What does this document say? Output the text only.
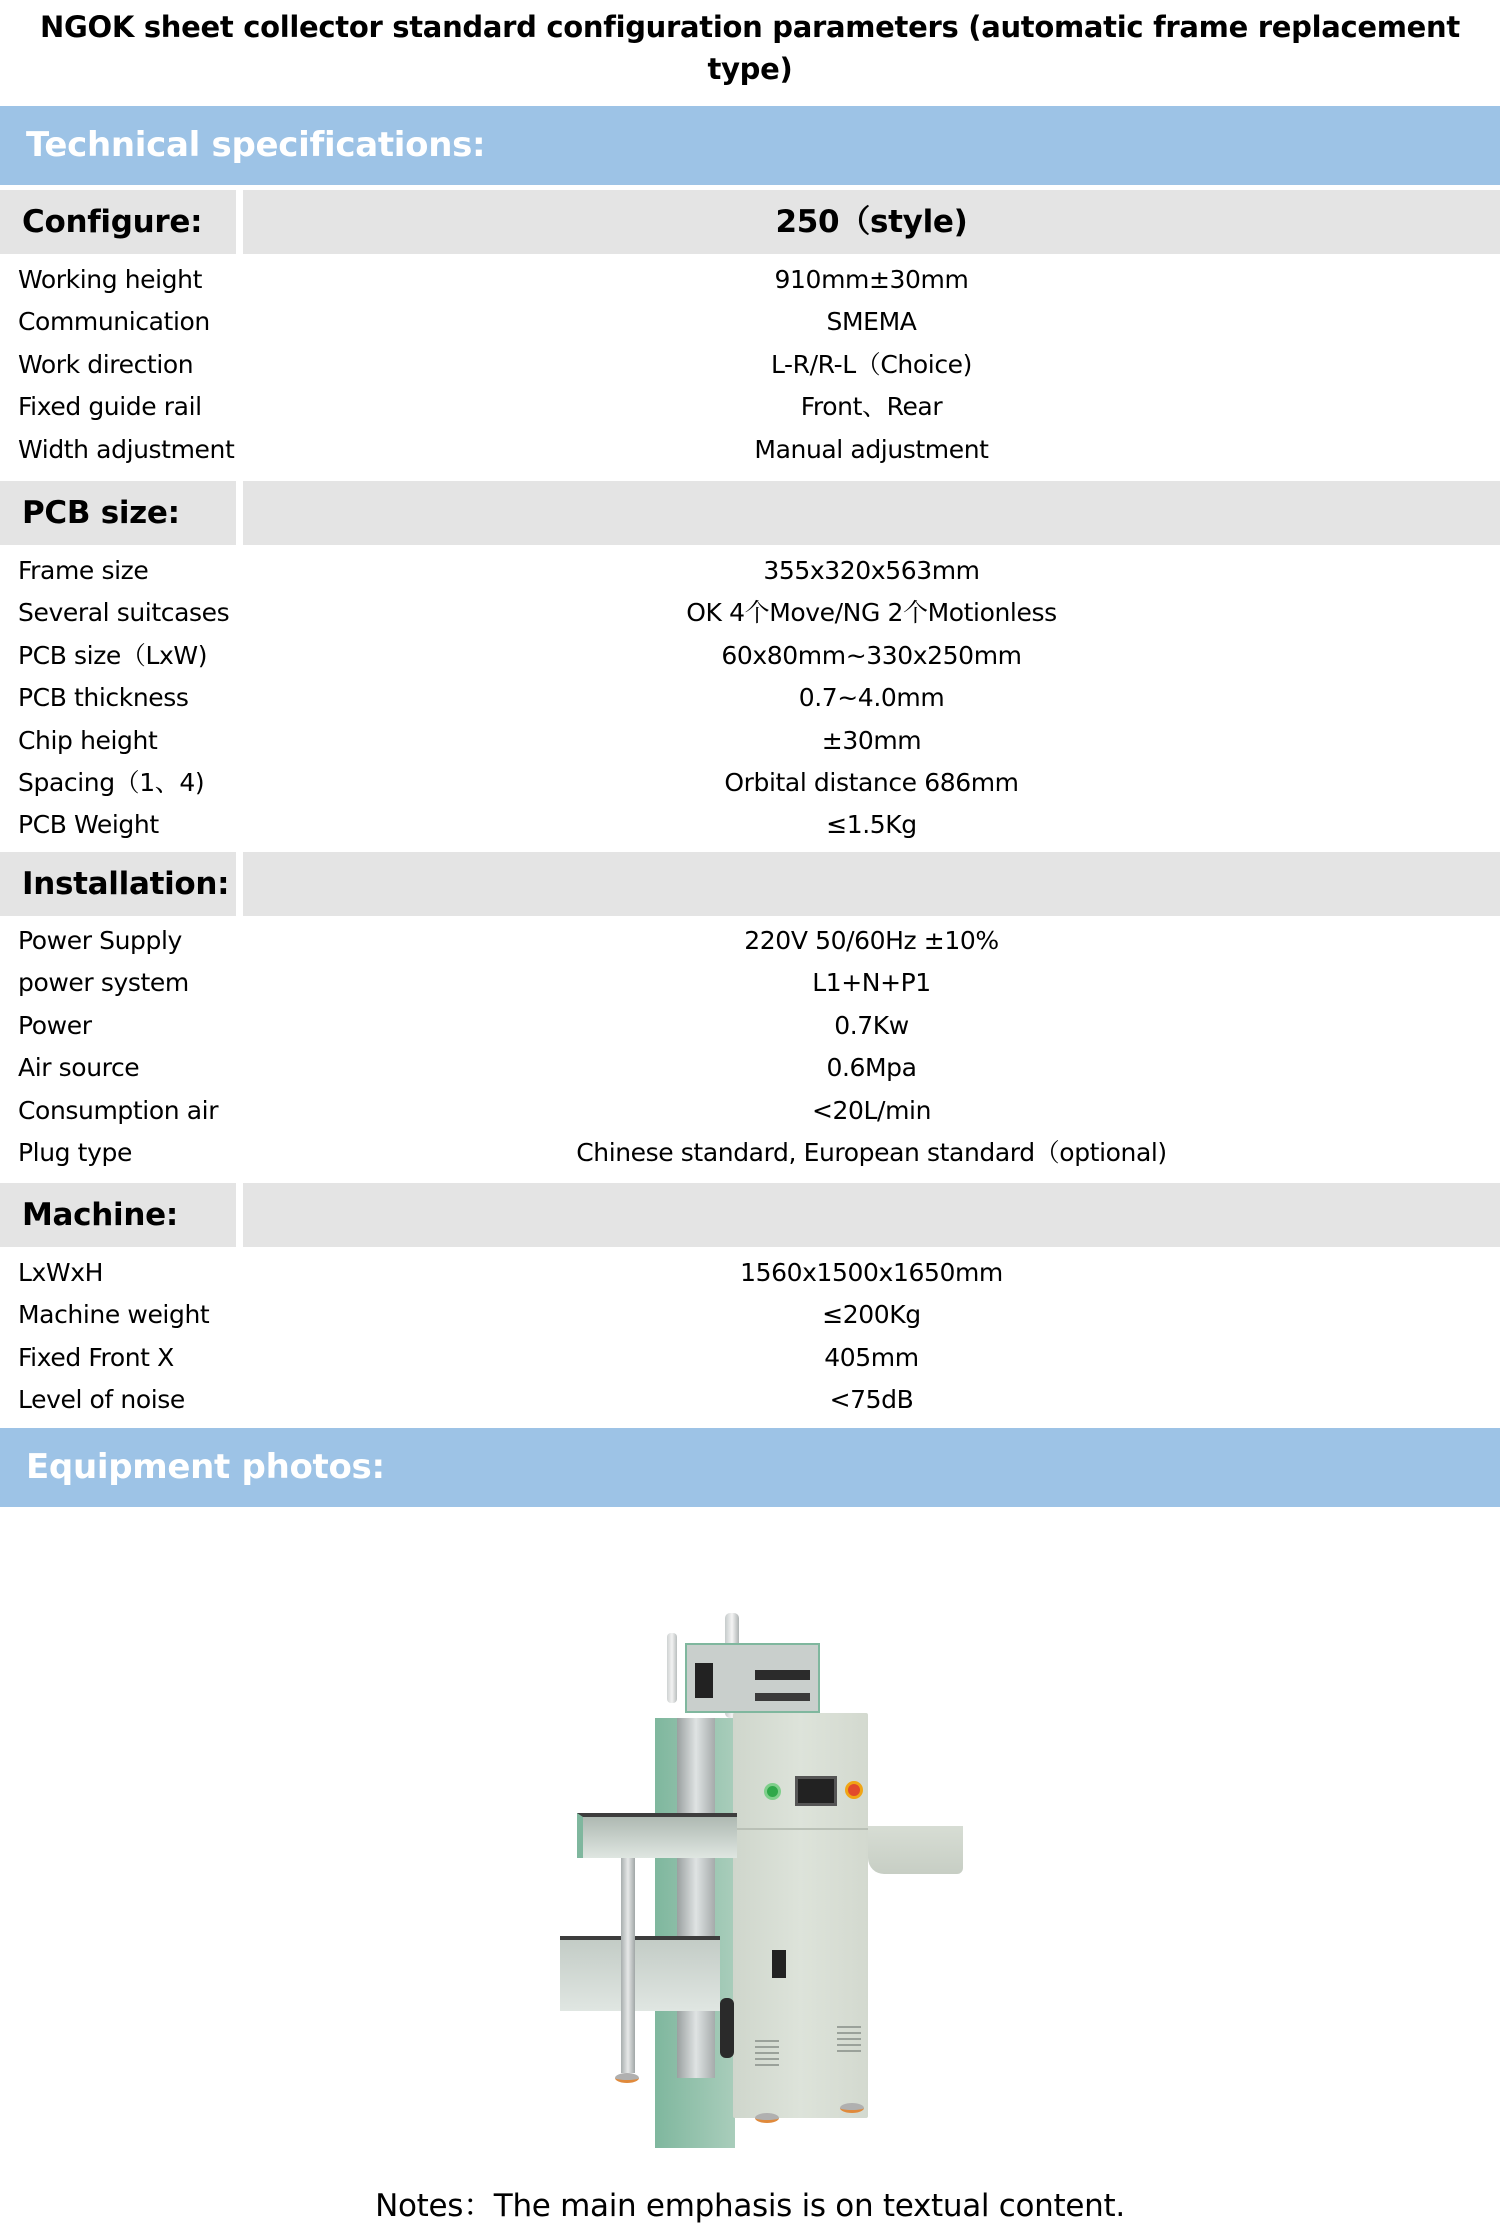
NGOK sheet collector standard configuration parameters (automatic frame replacement type)
Technical specifications:
Configure:	250（style)
Working height	910mm±30mm
Communication	SMEMA
Work direction	L-R/R-L（Choice)
Fixed guide rail	Front、Rear
Width adjustment	Manual adjustment
PCB size:
Frame size	355x320x563mm
Several suitcases	OK 4个Move/NG 2个Motionless
PCB size（LxW)	60x80mm~330x250mm
PCB thickness	0.7~4.0mm
Chip height	±30mm
Spacing（1、4)	Orbital distance 686mm
PCB Weight	≤1.5Kg
Installation:
Power Supply	220V 50/60Hz ±10%
power system	L1+N+P1
Power	0.7Kw
Air source	0.6Mpa
Consumption air	<20L/min
Plug type	Chinese standard, European standard（optional)
Machine:
LxWxH	1560x1500x1650mm
Machine weight	≤200Kg
Fixed Front X	405mm
Level of noise	<75dB
Equipment photos:
Notes：The main emphasis is on textual content.
